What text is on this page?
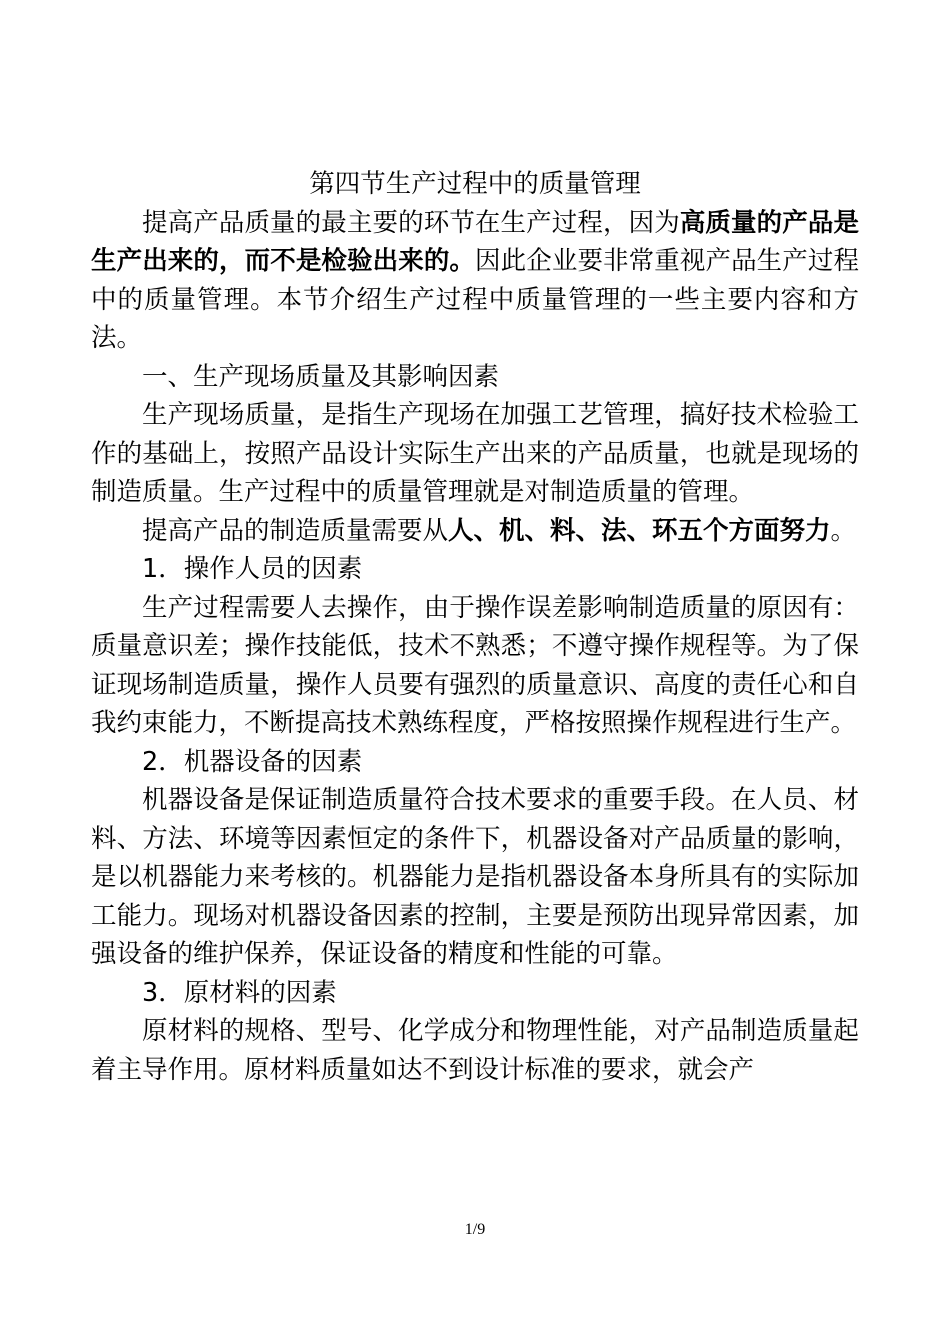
第四节生产过程中的质量管理

提高产品质量的最主要的环节在生产过程，因为高质量的产品是生产出来的，而不是检验出来的。因此企业要非常重视产品生产过程中的质量管理。本节介绍生产过程中质量管理的一些主要内容和方法。

一、生产现场质量及其影响因素

生产现场质量，是指生产现场在加强工艺管理，搞好技术检验工作的基础上，按照产品设计实际生产出来的产品质量，也就是现场的制造质量。生产过程中的质量管理就是对制造质量的管理。

提高产品的制造质量需要从人、机、料、法、环五个方面努力。

1．操作人员的因素

生产过程需要人去操作，由于操作误差影响制造质量的原因有：质量意识差；操作技能低，技术不熟悉；不遵守操作规程等。为了保证现场制造质量，操作人员要有强烈的质量意识、高度的责任心和自我约束能力，不断提高技术熟练程度，严格按照操作规程进行生产。

2．机器设备的因素

机器设备是保证制造质量符合技术要求的重要手段。在人员、材料、方法、环境等因素恒定的条件下，机器设备对产品质量的影响，是以机器能力来考核的。机器能力是指机器设备本身所具有的实际加工能力。现场对机器设备因素的控制，主要是预防出现异常因素，加强设备的维护保养，保证设备的精度和性能的可靠。

3．原材料的因素

原材料的规格、型号、化学成分和物理性能，对产品制造质量起着主导作用。原材料质量如达不到设计标准的要求，就会产

1/9
